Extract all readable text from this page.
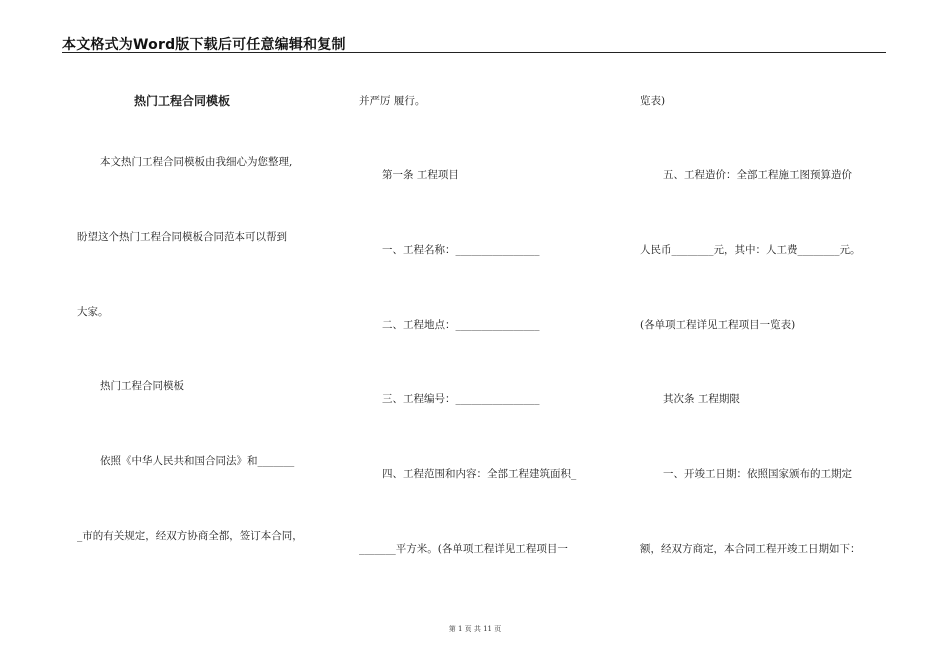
本文格式为Word版下载后可任意编辑和复制
热门工程合同模板
本文热门工程合同模板由我细心为您整理,
盼望这个热门工程合同模板合同范本可以帮到
大家。
热门工程合同模板
依照《中华人民共和国合同法》和_______
_市的有关规定，经双方协商全都，签订本合同，
并严厉 履行。
第一条 工程项目
一、工程名称：________________
二、工程地点：________________
三、工程编号：________________
四、工程范围和内容：全部工程建筑面积_
_______平方米。(各单项工程详见工程项目一
览表)
五、工程造价：全部工程施工图预算造价
人民币________元，其中：人工费________元。
(各单项工程详见工程项目一览表)
其次条 工程期限
一、开竣工日期：依照国家颁布的工期定
额，经双方商定，本合同工程开竣工日期如下：
第 1 页 共 11 页
